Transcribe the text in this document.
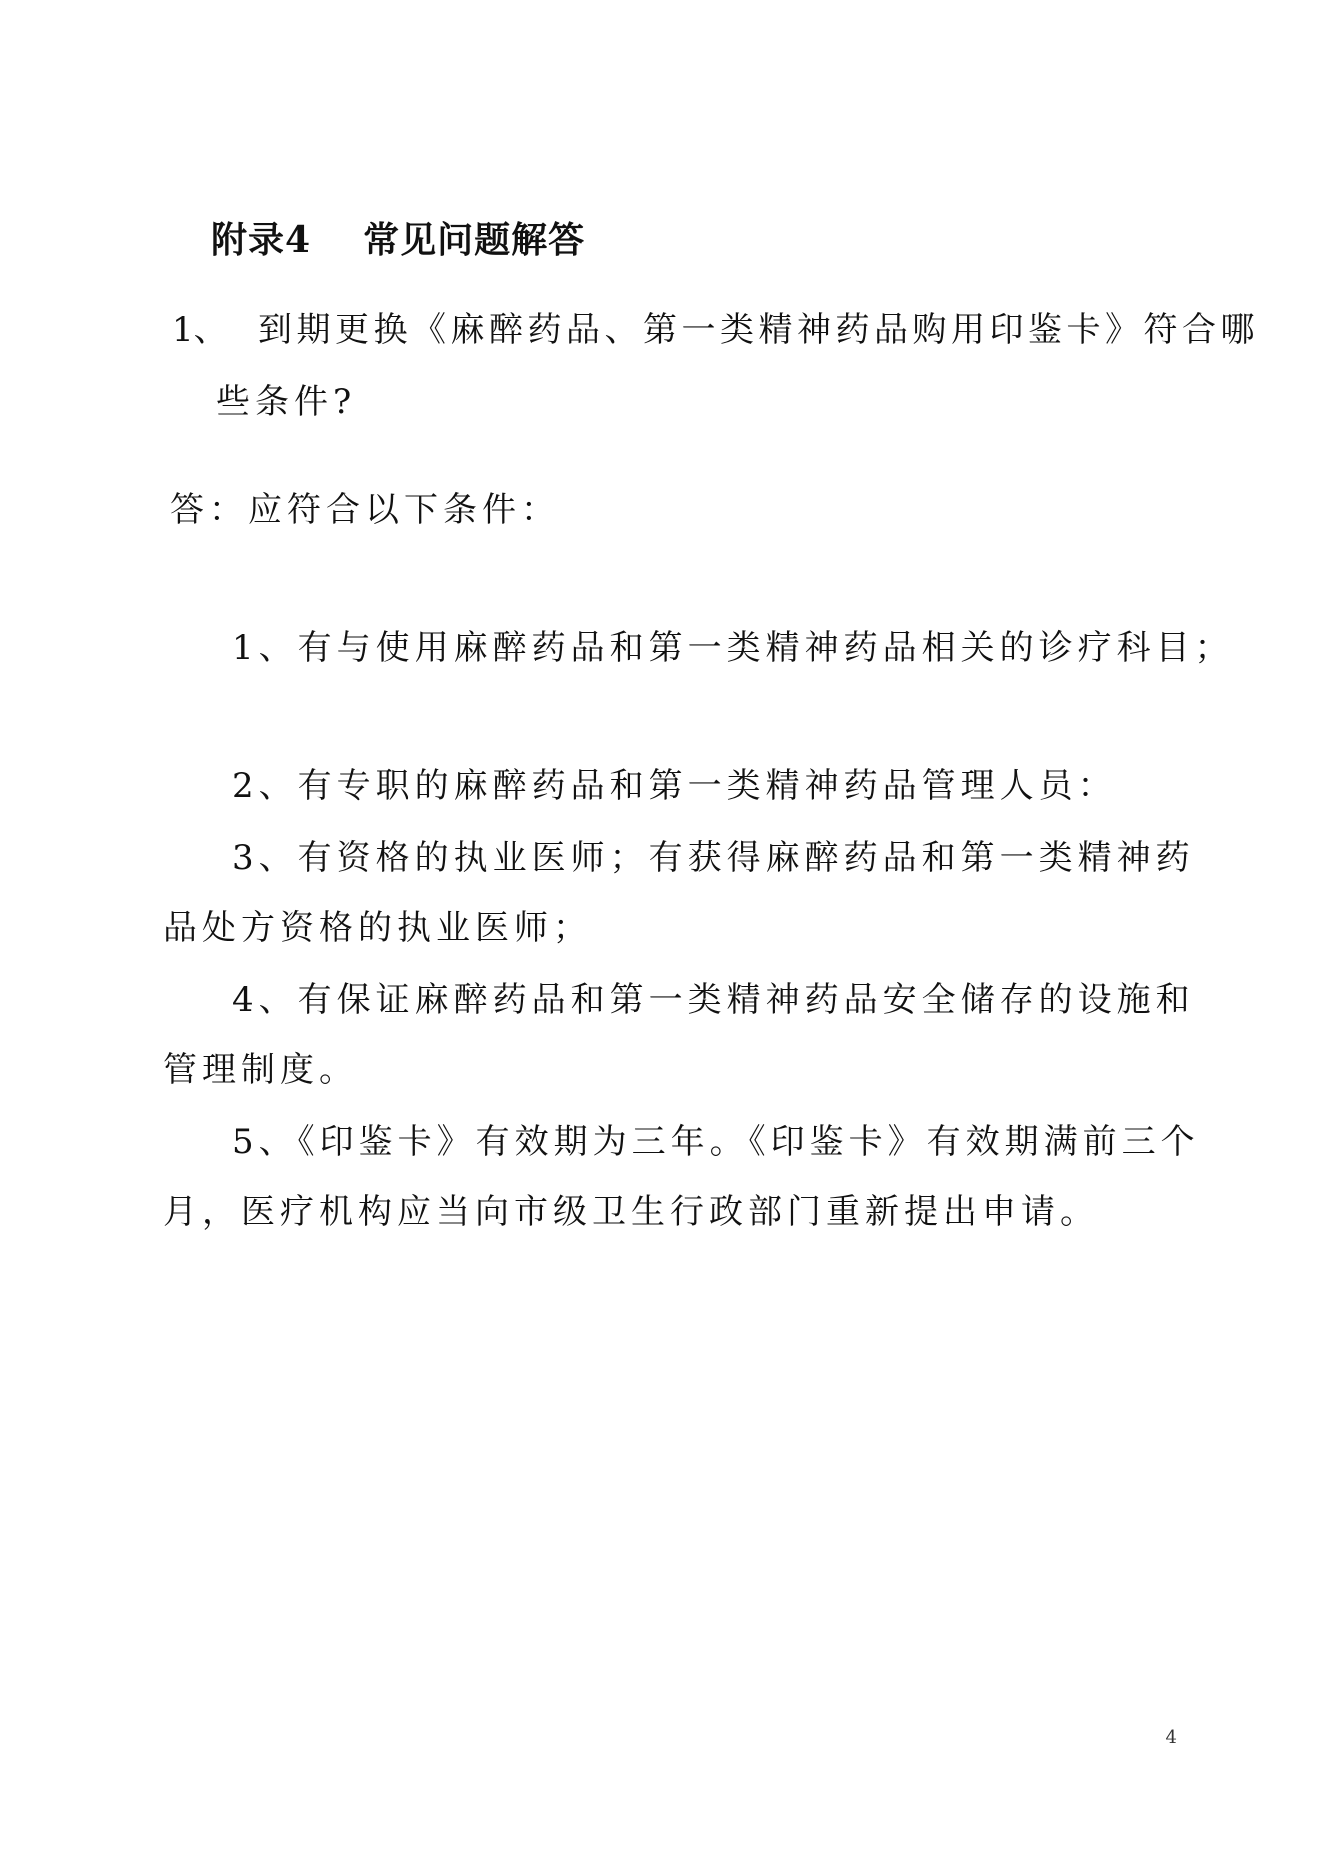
附录4 常见问题解答
1、 到期更换《麻醉药品、第一类精神药品购用印鉴卡》符合哪
些条件?
答：应符合以下条件：
1、有与使用麻醉药品和第一类精神药品相关的诊疗科目；
2、有专职的麻醉药品和第一类精神药品管理人员：
3、有资格的执业医师；有获得麻醉药品和第一类精神药
品处方资格的执业医师；
4、有保证麻醉药品和第一类精神药品安全储存的设施和
管理制度。
5、《印鉴卡》有效期为三年。《印鉴卡》有效期满前三个
月，医疗机构应当向市级卫生行政部门重新提出申请。
4
